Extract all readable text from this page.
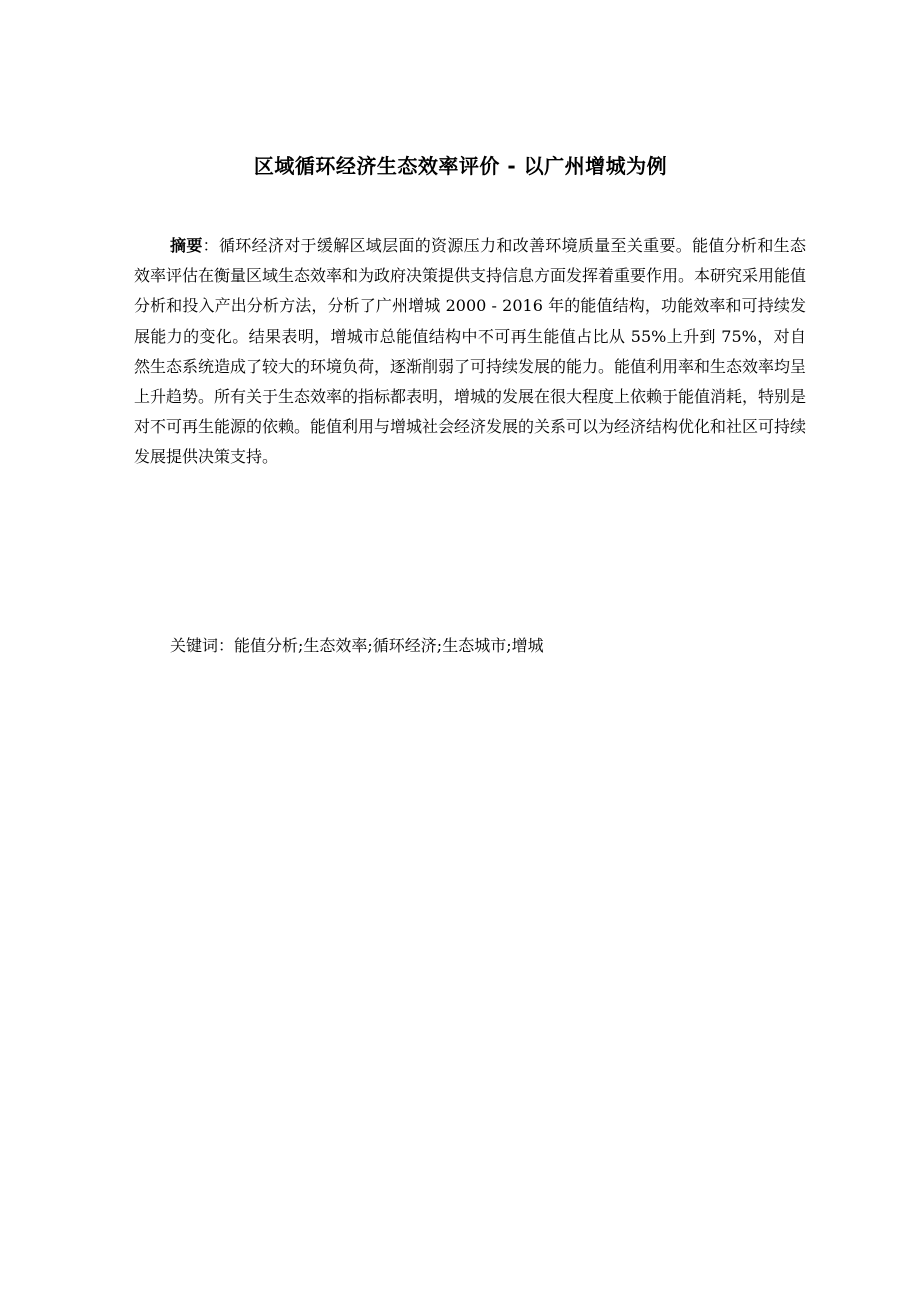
区域循环经济生态效率评价 - 以广州增城为例

摘要：循环经济对于缓解区域层面的资源压力和改善环境质量至关重要。能值分析和生态效率评估在衡量区域生态效率和为政府决策提供支持信息方面发挥着重要作用。本研究采用能值分析和投入产出分析方法，分析了广州增城 2000 - 2016 年的能值结构，功能效率和可持续发展能力的变化。结果表明，增城市总能值结构中不可再生能值占比从 55%上升到 75%，对自然生态系统造成了较大的环境负荷，逐渐削弱了可持续发展的能力。能值利用率和生态效率均呈上升趋势。所有关于生态效率的指标都表明，增城的发展在很大程度上依赖于能值消耗，特别是对不可再生能源的依赖。能值利用与增城社会经济发展的关系可以为经济结构优化和社区可持续发展提供决策支持。

关键词：能值分析;生态效率;循环经济;生态城市;增城
